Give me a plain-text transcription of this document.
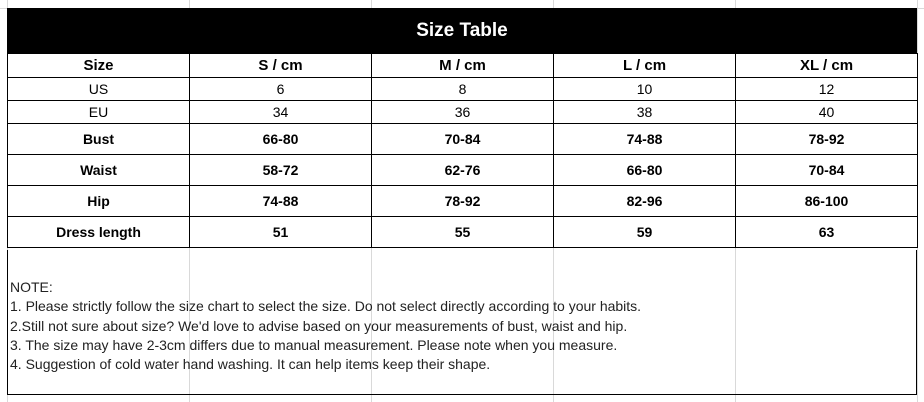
Size Table
Size	S / cm	M / cm	L / cm	XL / cm
US	6	8	10	12
EU	34	36	38	40
Bust	66-80	70-84	74-88	78-92
Waist	58-72	62-76	66-80	70-84
Hip	74-88	78-92	82-96	86-100
Dress length	51	55	59	63
NOTE:
1. Please strictly follow the size chart to select the size. Do not select directly according to your habits.
2.Still not sure about size? We'd love to advise based on your measurements of bust, waist and hip.
3. The size may have 2-3cm differs due to manual measurement. Please note when you measure.
4. Suggestion of cold water hand washing. It can help items keep their shape.
